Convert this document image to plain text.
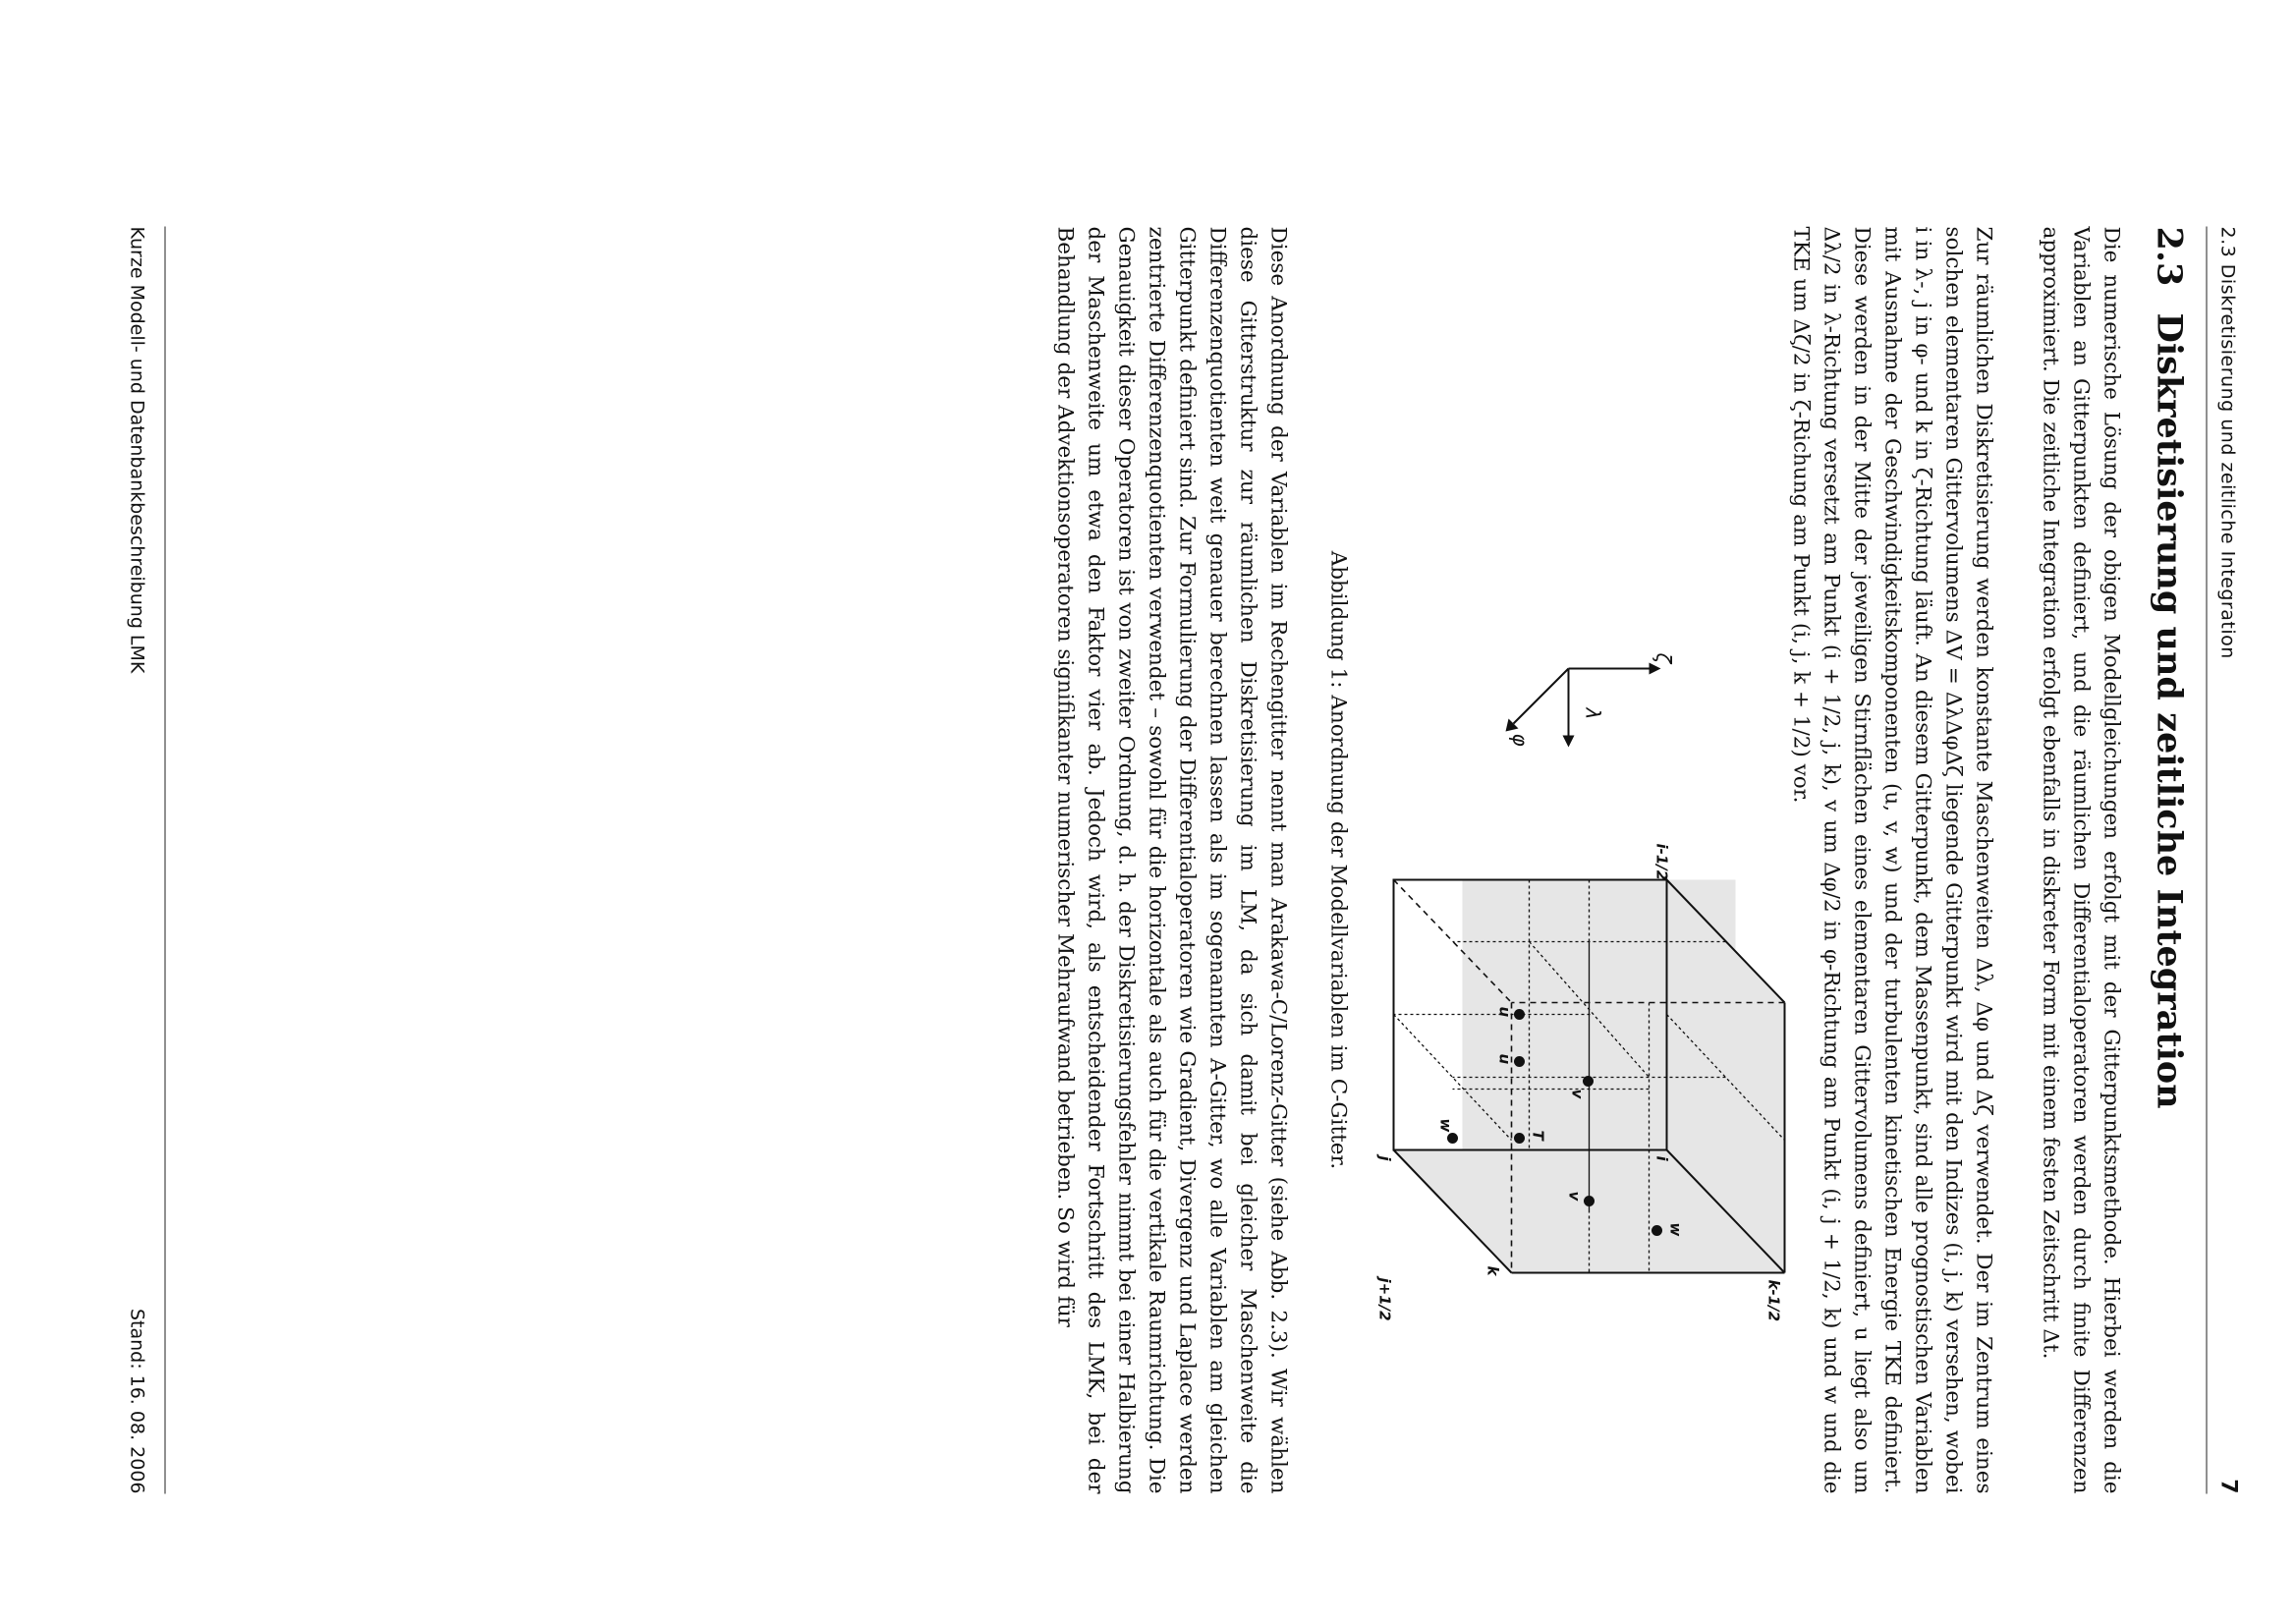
2.3 Diskretisierung und zeitliche Integration
7
2.3Diskretisierung und zeitliche Integration

Die numerische Lösung der obigen Modellgleichungen erfolgt mit der Gitterpunktsmethode. Hierbei werden die Variablen an Gitterpunkten definiert, und die räumlichen Differentialoperatoren werden durch finite Differenzen approximiert. Die zeitliche Integration erfolgt ebenfalls in diskreter Form mit einem festen Zeitschritt Δt.

Zur räumlichen Diskretisierung werden konstante Maschenweiten Δλ, Δφ und Δζ verwendet. Der im Zentrum eines solchen elementaren Gittervolumens ΔV = ΔλΔφΔζ liegende Gitterpunkt wird mit den Indizes (i, j, k) versehen, wobei i in λ-, j in φ- und k in ζ-Richtung läuft. An diesem Gitterpunkt, dem Massenpunkt, sind alle prognostischen Variablen mit Ausnahme der Geschwindigkeitskomponenten (u, v, w) und der turbulenten kinetischen Energie TKE definiert. Diese werden in der Mitte der jeweiligen Stirnflächen eines elementaren Gittervolumens definiert, u liegt also um Δλ/2 in λ-Richtung versetzt am Punkt (i + 1/2, j, k), v um Δφ/2 in φ-Richtung am Punkt (i, j + 1/2, k) und w und die TKE um Δζ/2 in ζ-Richung am Punkt (i, j, k + 1/2) vor.

u
v
T
w
w
v
u
i-1/2
i
j
j+1/2
k
k-1/2
ζ
λ
φ
Abbildung 1: Anordnung der Modellvariablen im C-Gitter.

Diese Anordnung der Variablen im Rechengitter nennt man Arakawa-C/Lorenz-Gitter (siehe Abb. 2.3). Wir wählen diese Gitterstruktur zur räumlichen Diskretisierung im LM, da sich damit bei gleicher Maschenweite die Differenzenquotienten weit genauer berechnen lassen als im sogenannten A-Gitter, wo alle Variablen am gleichen Gitterpunkt definiert sind. Zur Formulierung der Differentialoperatoren wie Gradient, Divergenz und Laplace werden zentrierte Differenzenquotienten verwendet – sowohl für die horizontale als auch für die vertikale Raumrichtung. Die Genauigkeit dieser Operatoren ist von zweiter Ordnung, d. h. der Diskretisierungsfehler nimmt bei einer Halbierung der Maschenweite um etwa den Faktor vier ab. Jedoch wird, als entscheidender Fortschritt des LMK, bei der Behandlung der Advektionsoperatoren signifikanter numerischer Mehraufwand betrieben. So wird für

Kurze Modell- und Datenbankbeschreibung LMK
Stand: 16. 08. 2006
